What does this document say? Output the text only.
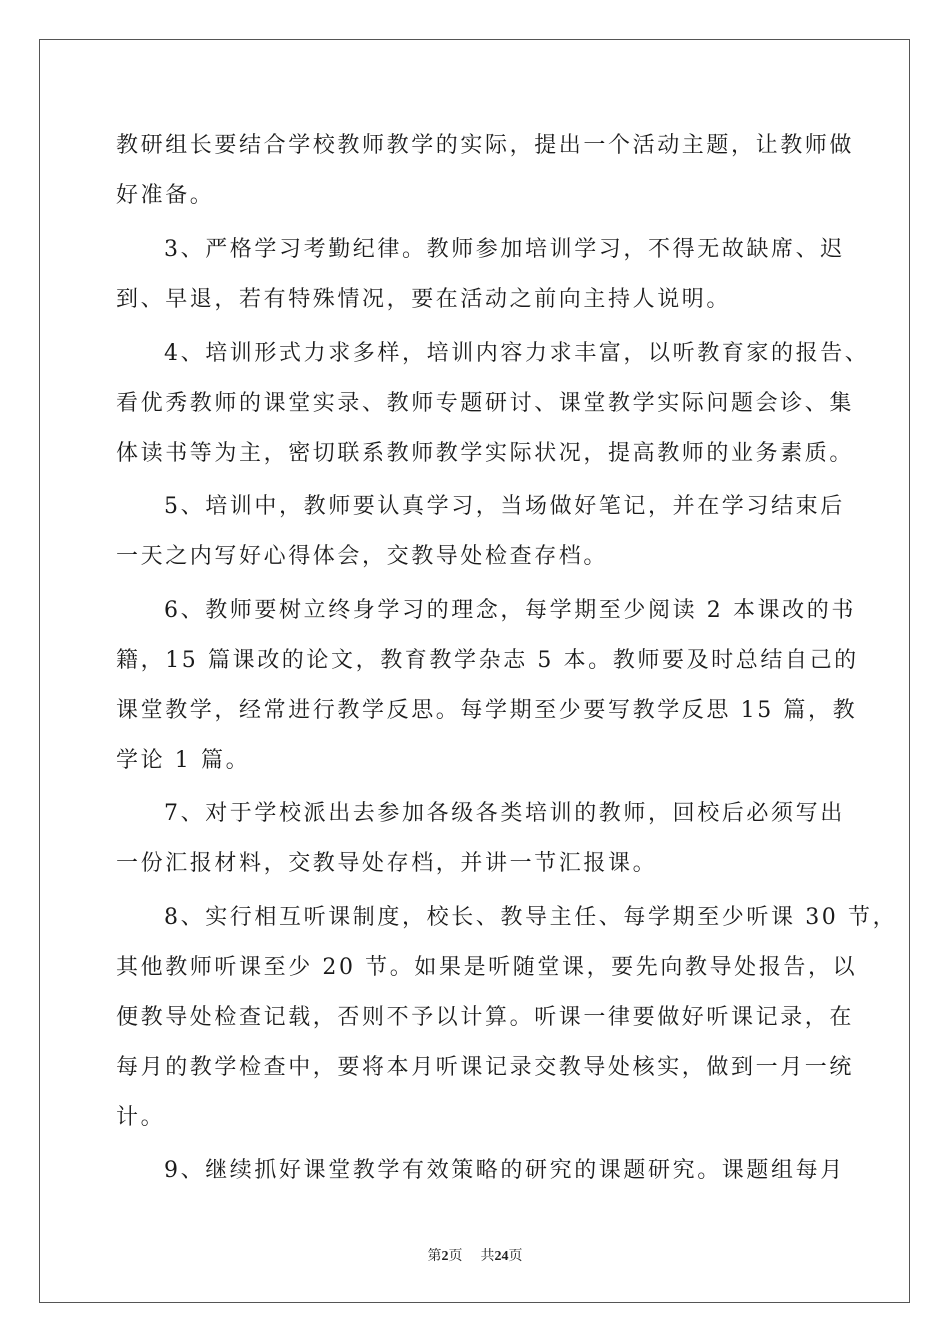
教研组长要结合学校教师教学的实际，提出一个活动主题，让教师做
好准备。
3、严格学习考勤纪律。教师参加培训学习，不得无故缺席、迟
到、早退，若有特殊情况，要在活动之前向主持人说明。
4、培训形式力求多样，培训内容力求丰富，以听教育家的报告、
看优秀教师的课堂实录、教师专题研讨、课堂教学实际问题会诊、集
体读书等为主，密切联系教师教学实际状况，提高教师的业务素质。
5、培训中，教师要认真学习，当场做好笔记，并在学习结束后
一天之内写好心得体会，交教导处检查存档。
6、教师要树立终身学习的理念，每学期至少阅读 2 本课改的书
籍，15 篇课改的论文，教育教学杂志 5 本。教师要及时总结自己的
课堂教学，经常进行教学反思。每学期至少要写教学反思 15 篇，教
学论 1 篇。
7、对于学校派出去参加各级各类培训的教师，回校后必须写出
一份汇报材料，交教导处存档，并讲一节汇报课。
8、实行相互听课制度，校长、教导主任、每学期至少听课 30 节，
其他教师听课至少 20 节。如果是听随堂课，要先向教导处报告，以
便教导处检查记载，否则不予以计算。听课一律要做好听课记录，在
每月的教学检查中，要将本月听课记录交教导处核实，做到一月一统
计。
9、继续抓好课堂教学有效策略的研究的课题研究。课题组每月
第2页 共24页
